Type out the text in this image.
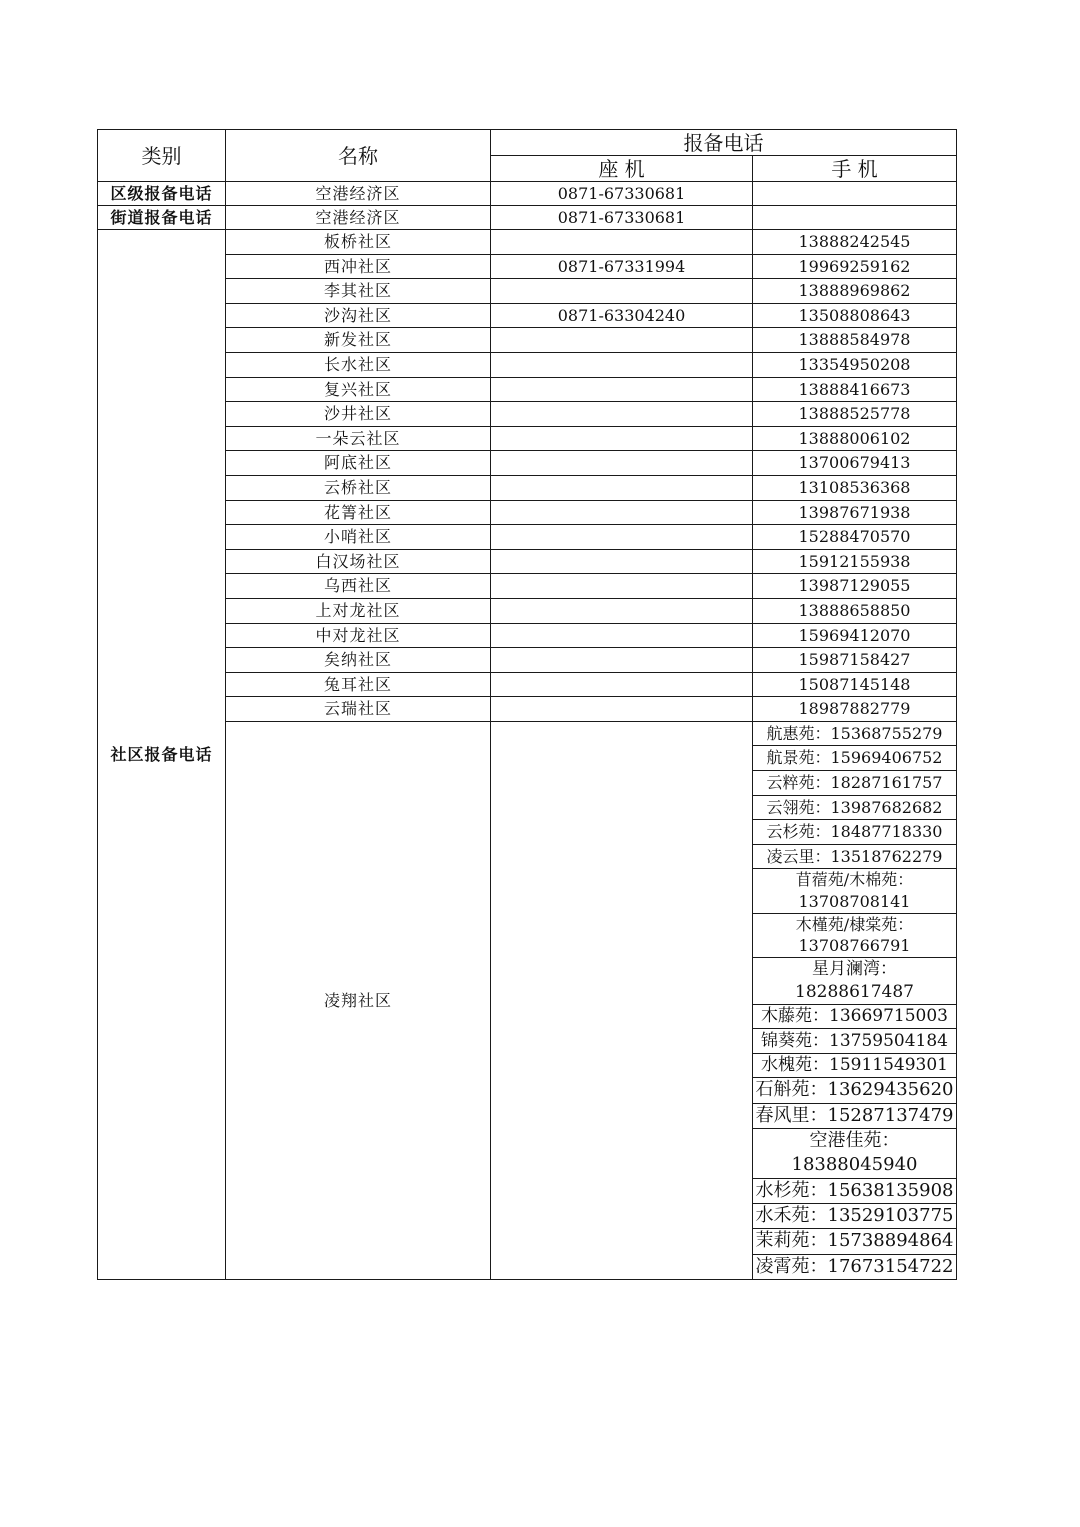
类别	名称	报备电话	
		座 机	手 机
区级报备电话	空港经济区	0871-67330681	
街道报备电话	空港经济区	0871-67330681	
社区报备电话	板桥社区		13888242545
	西冲社区	0871-67331994	19969259162
	李其社区		13888969862
	沙沟社区	0871-63304240	13508808643
	新发社区		13888584978
	长水社区		13354950208
	复兴社区		13888416673
	沙井社区		13888525778
	一朵云社区		13888006102
	阿底社区		13700679413
	云桥社区		13108536368
	花箐社区		13987671938
	小哨社区		15288470570
	白汉场社区		15912155938
	乌西社区		13987129055
	上对龙社区		13888658850
	中对龙社区		15969412070
	矣纳社区		15987158427
	兔耳社区		15087145148
	云瑞社区		18987882779
	凌翔社区		航惠苑：15368755279
			航景苑：15969406752
			云粹苑：18287161757
			云翎苑：13987682682
			云杉苑：18487718330
			凌云里：13518762279
			苜蓿苑/木棉苑：13708708141
			木槿苑/棣棠苑：13708766791
			星月澜湾：18288617487
			木藤苑：13669715003
			锦葵苑：13759504184
			水槐苑：15911549301
			石斛苑：13629435620
			春风里：15287137479
			空港佳苑：18388045940
			水杉苑：15638135908
			水禾苑：13529103775
			茉莉苑：15738894864
			凌霄苑：17673154722
